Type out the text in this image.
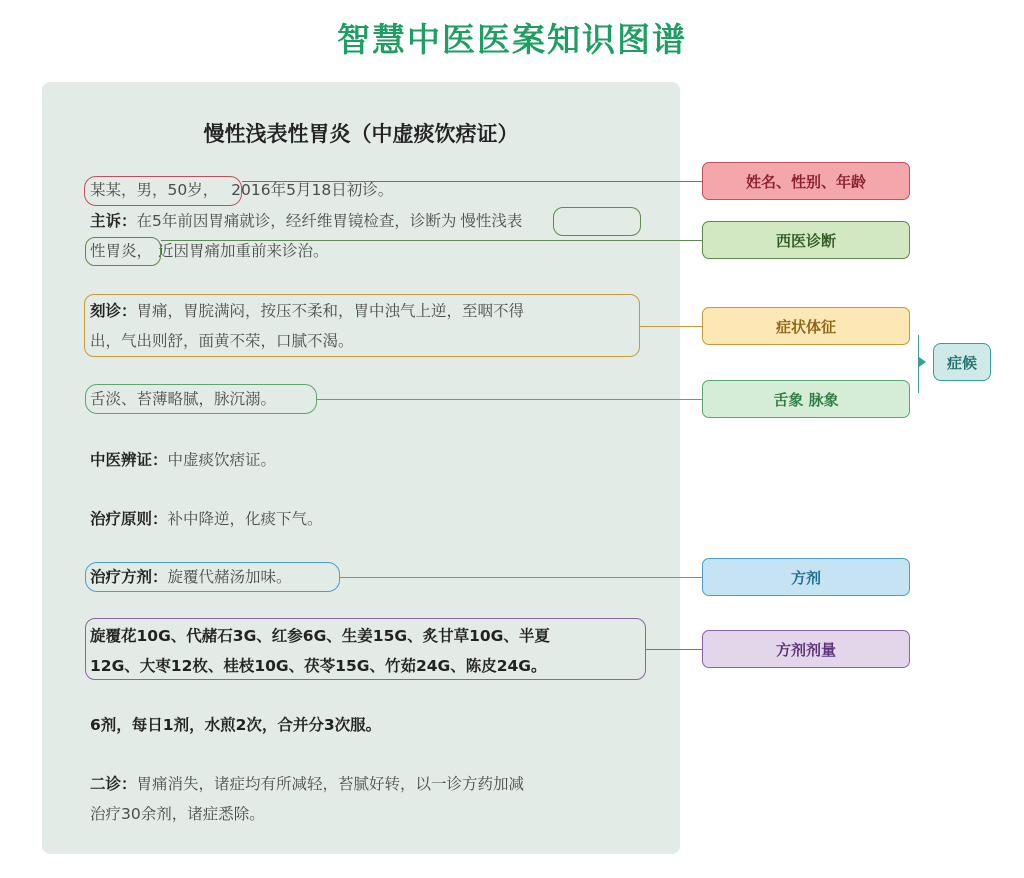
智慧中医医案知识图谱
慢性浅表性胃炎（中虚痰饮痞证）
某某，男，50岁， 2016年5月18日初诊。
主诉：在5年前因胃痛就诊，经纤维胃镜检查，诊断为 慢性浅表
性胃炎， 近因胃痛加重前来诊治。
刻诊：胃痛，胃脘满闷，按压不柔和，胃中浊气上逆，至咽不得
出，气出则舒，面黄不荣，口腻不渴。
舌淡、苔薄略腻，脉沉溺。
中医辨证：中虚痰饮痞证。
治疗原则：补中降逆，化痰下气。
治疗方剂：旋覆代赭汤加味。
旋覆花10G、代赭石3G、红参6G、生姜15G、炙甘草10G、半夏
12G、大枣12枚、桂枝10G、茯苓15G、竹茹24G、陈皮24G。
6剂，每日1剂，水煎2次，合并分3次服。
二诊：胃痛消失，诸症均有所减轻，苔腻好转，以一诊方药加减
治疗30余剂，诸症悉除。
姓名、性别、年龄
西医诊断
症状体征
舌象 脉象
方剂
方剂剂量
症候
